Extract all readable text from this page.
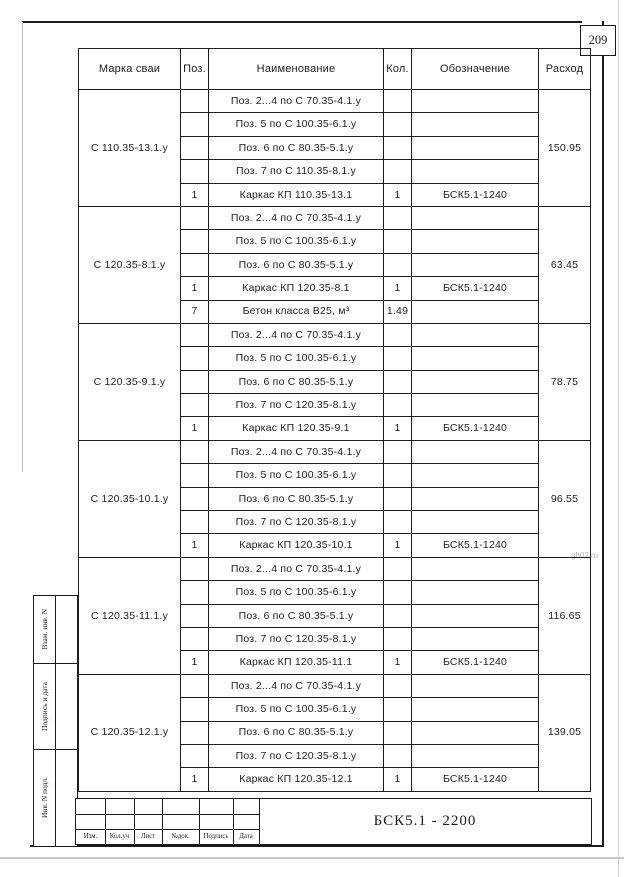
209
gb02.ru
Марка сваи	Поз.	Наименование	Кол.	Обозначение	Расход
С 110.35-13.1.у		Поз. 2...4 по С 70.35-4.1.у			150.95
		Поз. 5 по С 100.35-6.1.у			
		Поз. 6 по С 80.35-5.1.у			
		Поз. 7 по С 110.35-8.1.у			
	1	Каркас КП 110.35-13.1	1	БСК5.1-1240	
С 120.35-8.1.у		Поз. 2...4 по С 70.35-4.1.у			63.45
		Поз. 5 по С 100.35-6.1.у			
		Поз. 6 по С 80.35-5.1.у			
	1	Каркас КП 120.35-8.1	1	БСК5.1-1240	
	7	Бетон класса В25, м³	1.49		
С 120.35-9.1.у		Поз. 2...4 по С 70.35-4.1.у			78.75
		Поз. 5 по С 100.35-6.1.у			
		Поз. 6 по С 80.35-5.1.у			
		Поз. 7 по С 120.35-8.1.у			
	1	Каркас КП 120.35-9.1	1	БСК5.1-1240	
С 120.35-10.1.у		Поз. 2...4 по С 70.35-4.1.у			96.55
		Поз. 5 по С 100.35-6.1.у			
		Поз. 6 по С 80.35-5.1.у			
		Поз. 7 по С 120.35-8.1.у			
	1	Каркас КП 120.35-10.1	1	БСК5.1-1240	
С 120.35-11.1.у		Поз. 2...4 по С 70.35-4.1.у			116.65
		Поз. 5 по С 100.35-6.1.у			
		Поз. 6 по С 80.35-5.1.у			
		Поз. 7 по С 120.35-8.1.у			
	1	Каркас КП 120.35-11.1	1	БСК5.1-1240	
С 120.35-12.1.у		Поз. 2...4 по С 70.35-4.1.у			139.05
		Поз. 5 по С 100.35-6.1.у			
		Поз. 6 по С 80.35-5.1.у			
		Поз. 7 по С 120.35-8.1.у			
	1	Каркас КП 120.35-12.1	1	БСК5.1-1240	
Взам. инв. N
Подпись и дата
Инв. N подл.
Изм.	Кол.уч	Лист	№док.	Подпись	Дата
БСК5.1 - 2200
